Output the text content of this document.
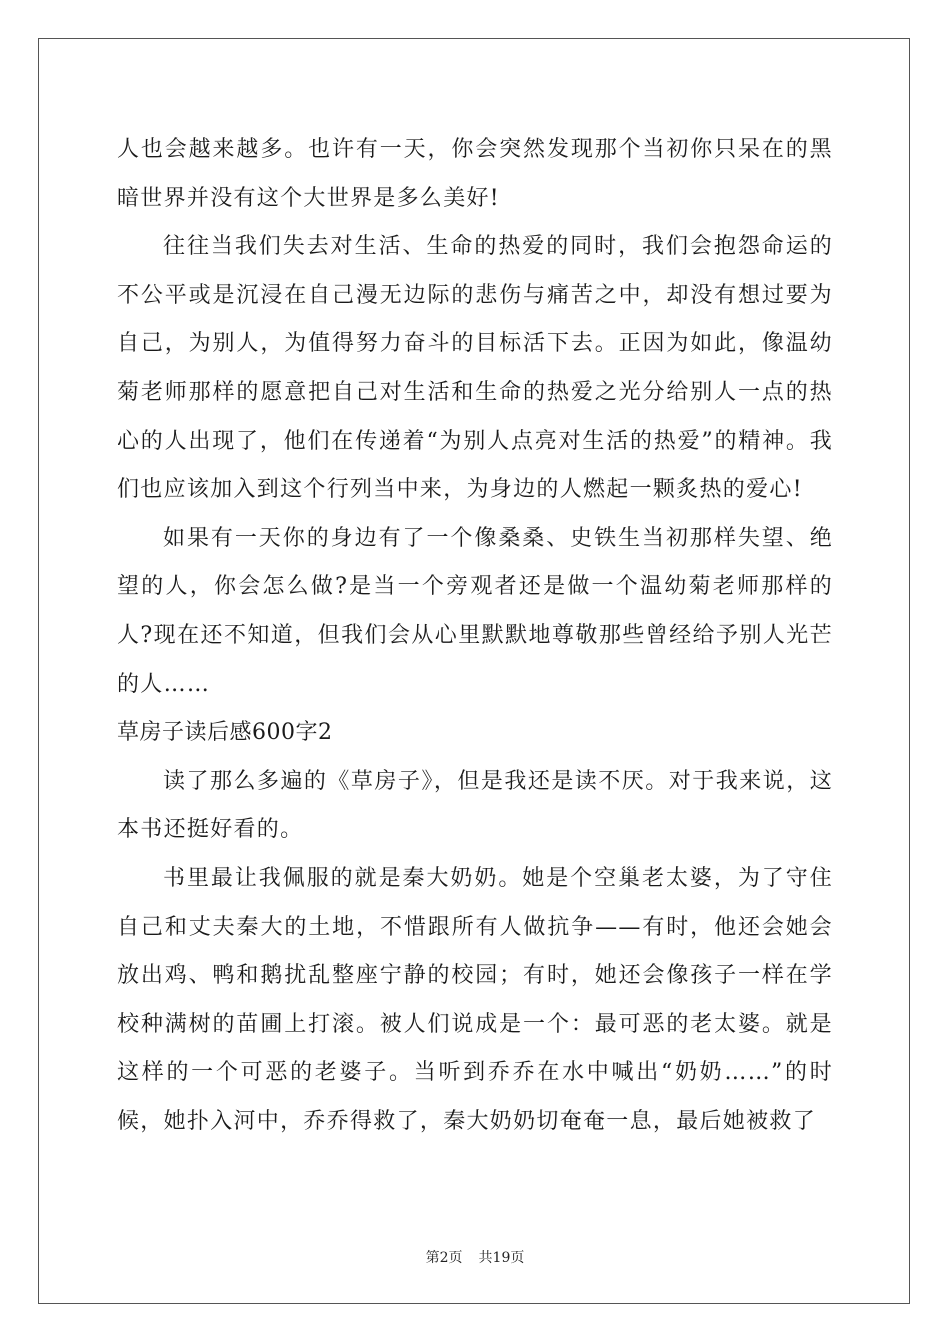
人也会越来越多。也许有一天，你会突然发现那个当初你只呆在的黑暗世界并没有这个大世界是多么美好!

往往当我们失去对生活、生命的热爱的同时，我们会抱怨命运的不公平或是沉浸在自己漫无边际的悲伤与痛苦之中，却没有想过要为自己，为别人，为值得努力奋斗的目标活下去。正因为如此，像温幼菊老师那样的愿意把自己对生活和生命的热爱之光分给别人一点的热心的人出现了，他们在传递着“为别人点亮对生活的热爱”的精神。我们也应该加入到这个行列当中来，为身边的人燃起一颗炙热的爱心!

如果有一天你的身边有了一个像桑桑、史铁生当初那样失望、绝望的人，你会怎么做?是当一个旁观者还是做一个温幼菊老师那样的人?现在还不知道，但我们会从心里默默地尊敬那些曾经给予别人光芒的人……

草房子读后感600字2

读了那么多遍的《草房子》，但是我还是读不厌。对于我来说，这本书还挺好看的。

书里最让我佩服的就是秦大奶奶。她是个空巢老太婆，为了守住自己和丈夫秦大的土地，不惜跟所有人做抗争——有时，他还会她会放出鸡、鸭和鹅扰乱整座宁静的校园；有时，她还会像孩子一样在学校种满树的苗圃上打滚。被人们说成是一个：最可恶的老太婆。就是这样的一个可恶的老婆子。当听到乔乔在水中喊出“奶奶……”的时候，她扑入河中，乔乔得救了，秦大奶奶切奄奄一息，最后她被救了

第2页 共19页
